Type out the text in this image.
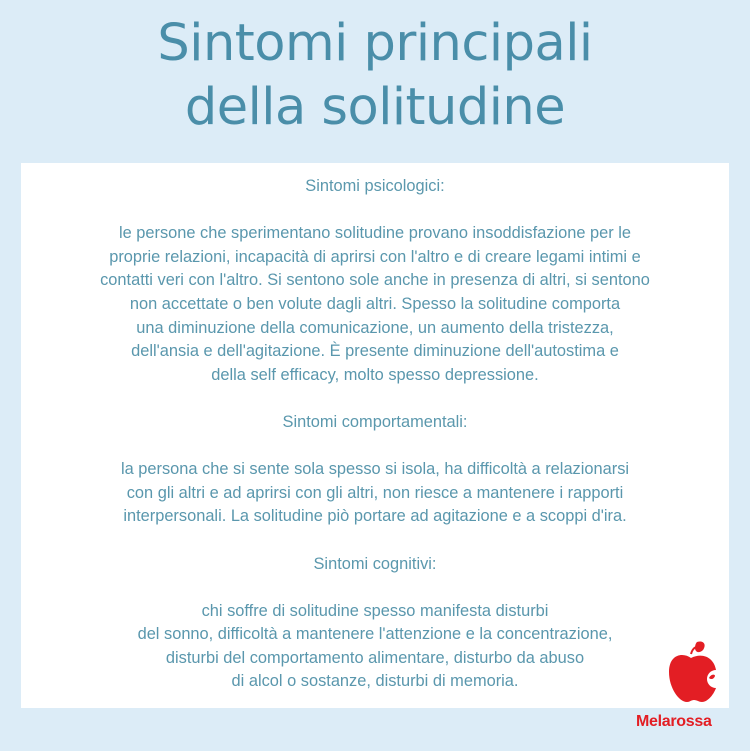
Sintomi principali
della solitudine

Sintomi psicologici:

le persone che sperimentano solitudine provano insoddisfazione per le
proprie relazioni, incapacità di aprirsi con l'altro e di creare legami intimi e
contatti veri con l'altro. Si sentono sole anche in presenza di altri, si sentono
non accettate o ben volute dagli altri. Spesso la solitudine comporta
una diminuzione della comunicazione, un aumento della tristezza,
dell'ansia e dell'agitazione. È presente diminuzione dell'autostima e
della self efficacy, molto spesso depressione.

Sintomi comportamentali:

la persona che si sente sola spesso si isola, ha difficoltà a relazionarsi
con gli altri e ad aprirsi con gli altri, non riesce a mantenere i rapporti
interpersonali. La solitudine piò portare ad agitazione e a scoppi d'ira.

Sintomi cognitivi:

chi soffre di solitudine spesso manifesta disturbi
del sonno, difficoltà a mantenere l'attenzione e la concentrazione,
disturbi del comportamento alimentare, disturbo da abuso
di alcol o sostanze, disturbi di memoria.

Melarossa
